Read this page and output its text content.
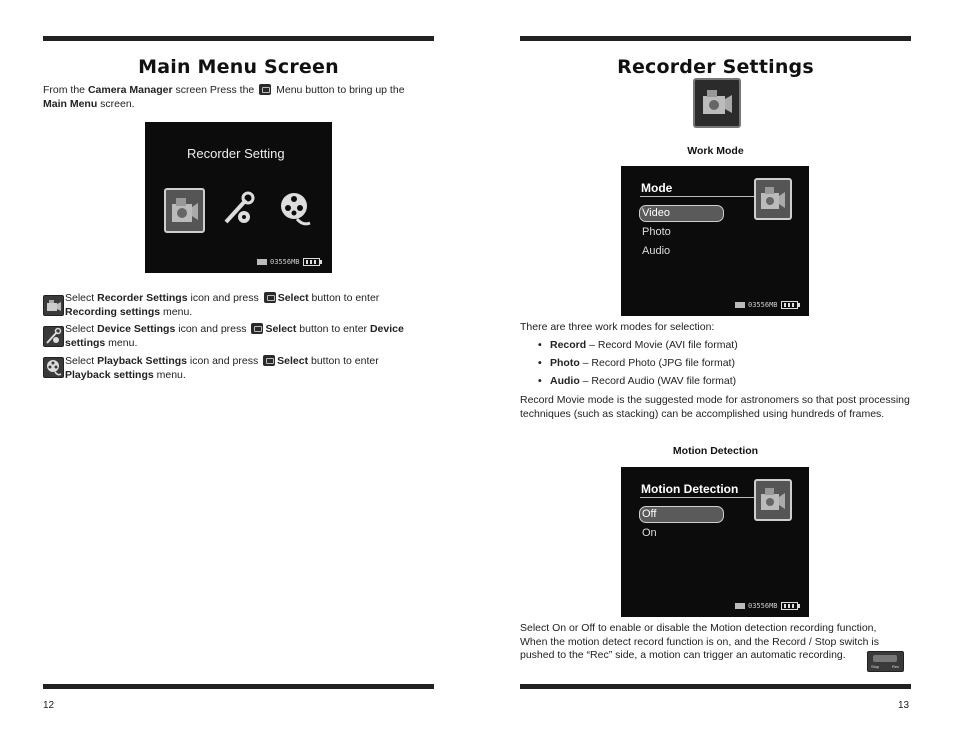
Main Menu Screen
From the Camera Manager screen Press the  Menu button to bring up the
Main Menu screen.
Recorder Setting
03556MB
Select Recorder Settings icon and press Select button to enter
Recording settings menu.
Select Device Settings icon and press Select button to enter Device settings menu.
Select Playback Settings icon and press Select button to enter
Playback settings menu.
12
Recorder Settings
Work Mode
Mode
Video
Photo
Audio
03556MB
There are three work modes for selection:
• Record – Record Movie (AVI file format)
• Photo – Record Photo (JPG file format)
• Audio – Record Audio (WAV file format)
Record Movie mode is the suggested mode for astronomers so that post processing techniques (such as stacking) can be accomplished using hundreds of frames.
Motion Detection
Motion Detection
Off
On
03556MB
Select On or Off to enable or disable the Motion detection recording function, When the motion detect record function is on, and the Record / Stop switch is pushed to the “Rec” side, a motion can trigger an automatic recording.
Stop	Rec
13
